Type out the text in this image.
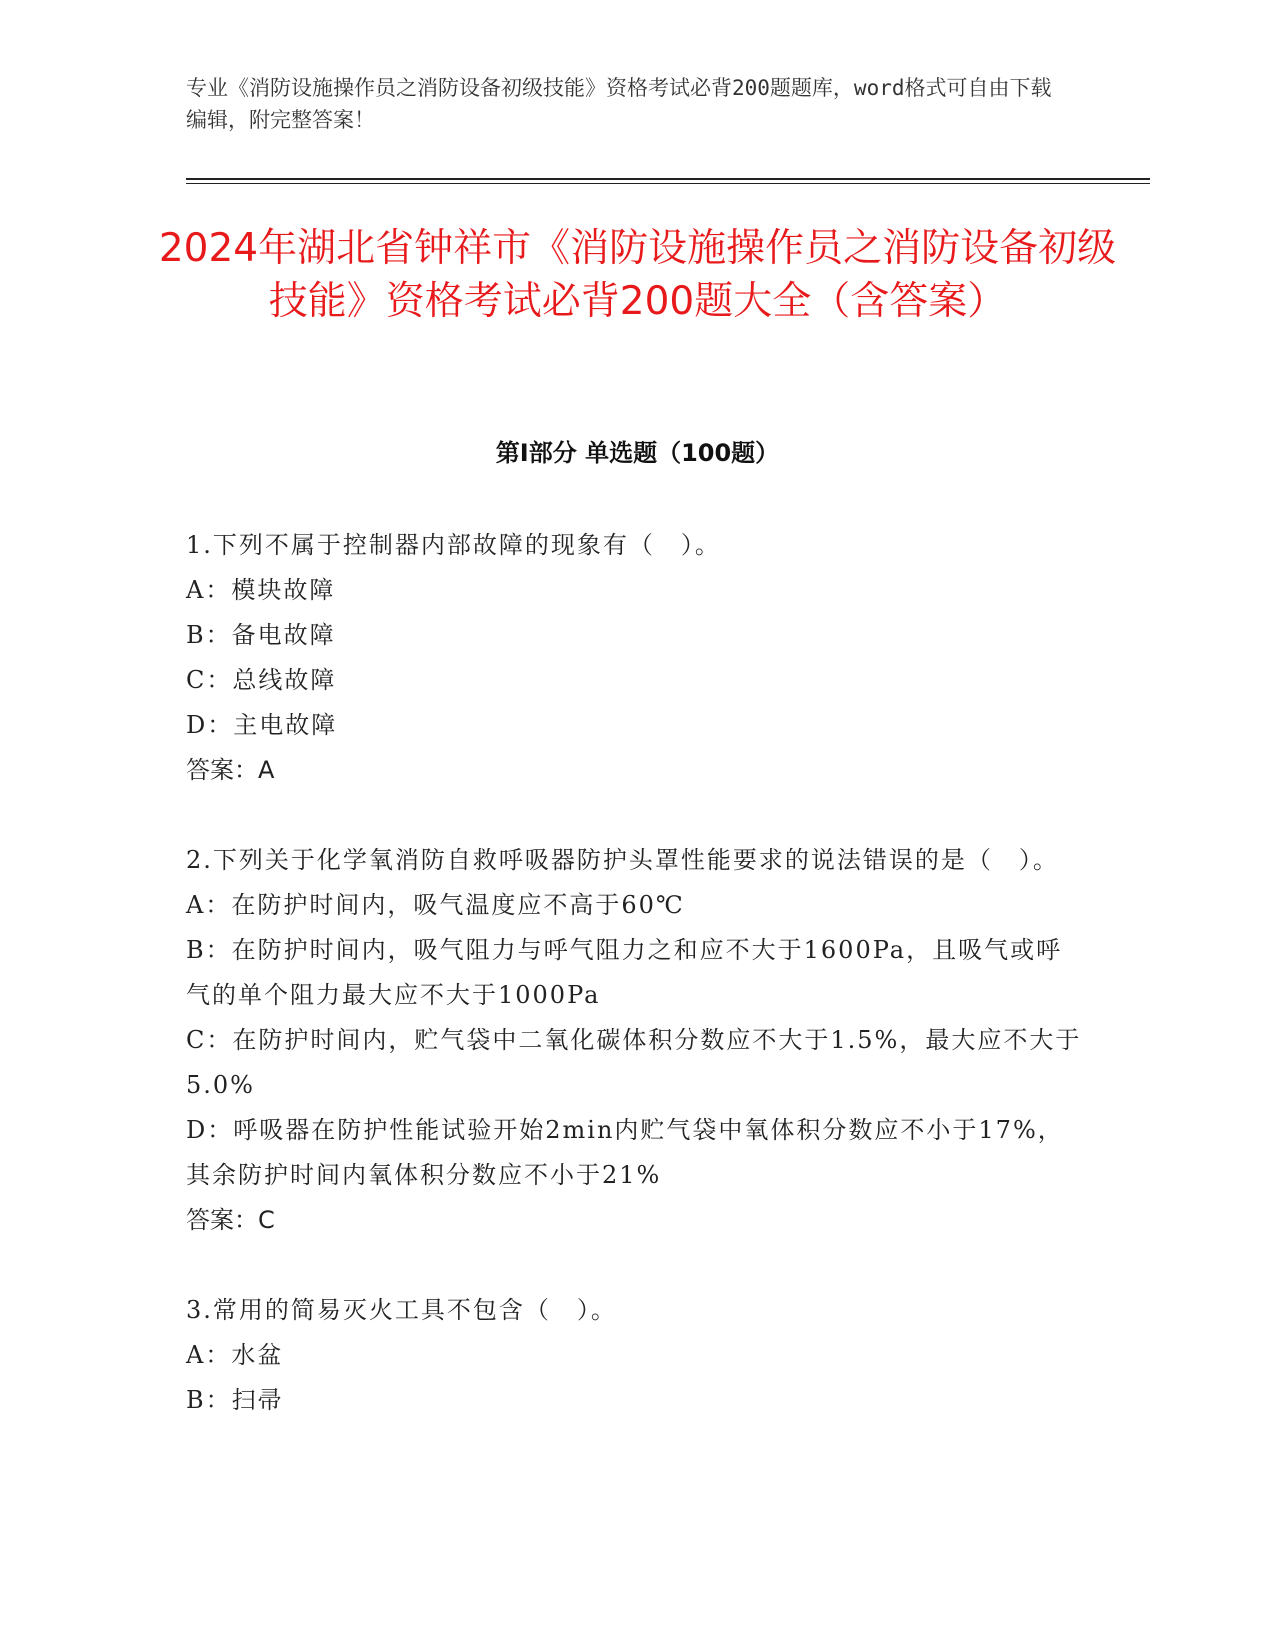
专业《消防设施操作员之消防设备初级技能》资格考试必背200题题库，word格式可自由下载编辑，附完整答案！
2024年湖北省钟祥市《消防设施操作员之消防设备初级技能》资格考试必背200题大全（含答案）
第I部分 单选题（100题）

1.下列不属于控制器内部故障的现象有（　）。

A：模块故障

B：备电故障

C：总线故障

D：主电故障

答案：A

2.下列关于化学氧消防自救呼吸器防护头罩性能要求的说法错误的是（　）。

A：在防护时间内，吸气温度应不高于60℃

B：在防护时间内，吸气阻力与呼气阻力之和应不大于1600Pa，且吸气或呼气的单个阻力最大应不大于1000Pa

C：在防护时间内，贮气袋中二氧化碳体积分数应不大于1.5%，最大应不大于5.0%

D：呼吸器在防护性能试验开始2min内贮气袋中氧体积分数应不小于17%，其余防护时间内氧体积分数应不小于21%

答案：C

3.常用的简易灭火工具不包含（　）。

A：水盆

B：扫帚
